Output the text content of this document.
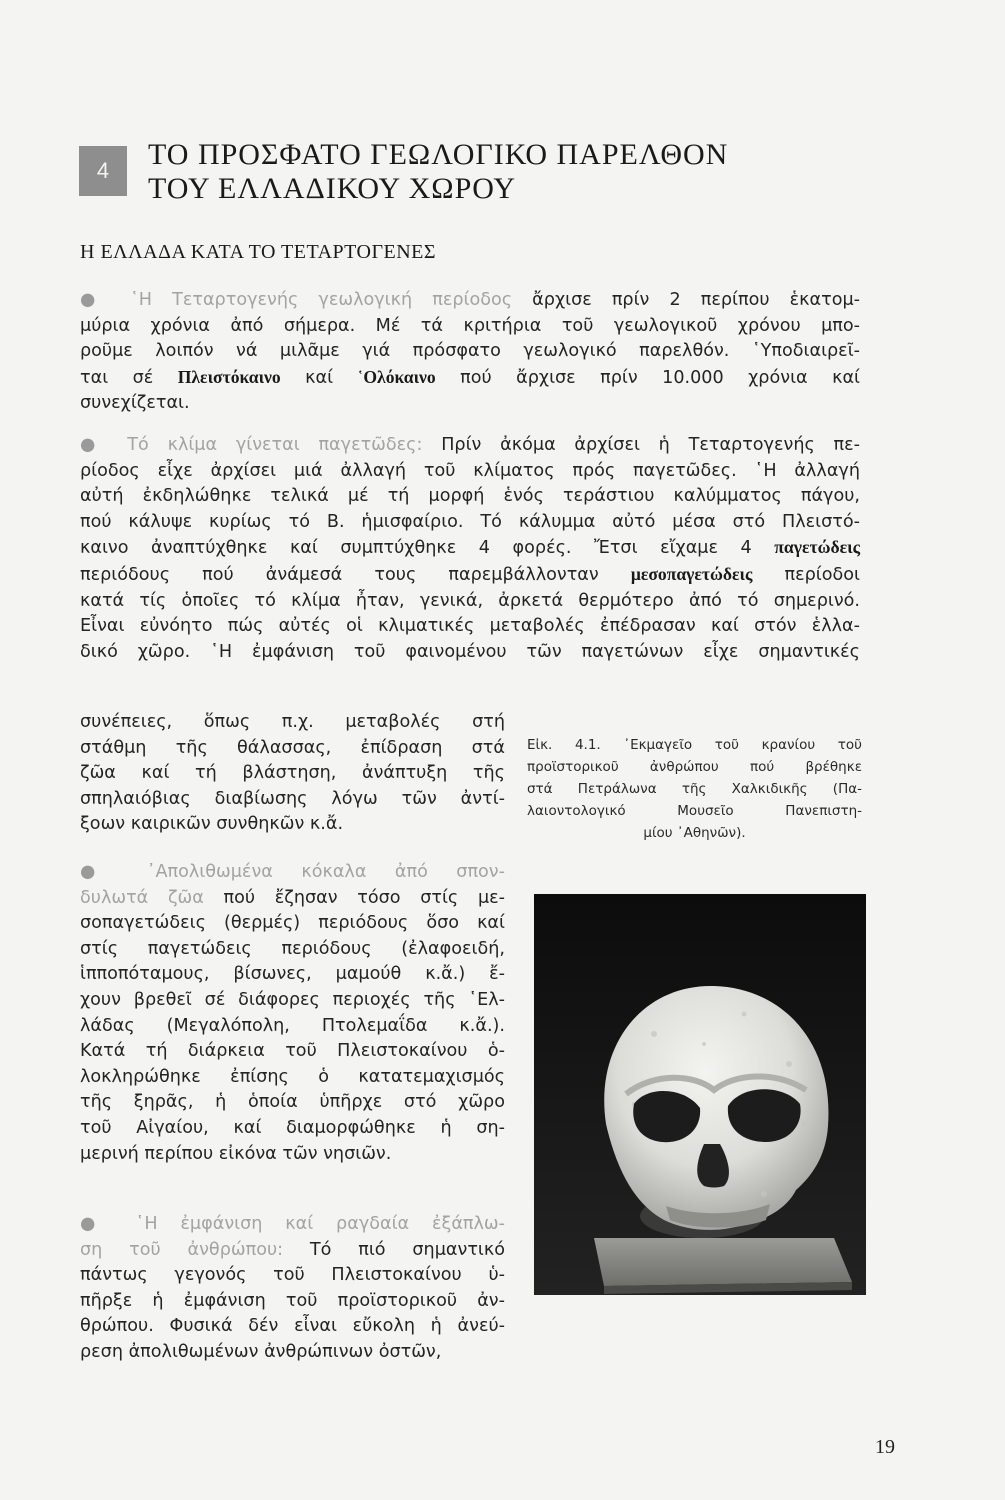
4 ΤΟ ΠΡΟΣΦΑΤΟ ΓΕΩΛΟΓΙΚΟ ΠΑΡΕΛΘΟΝ
ΤΟΥ ΕΛΛΑΔΙΚΟΥ ΧΩΡΟΥ
Η ΕΛΛΑΔΑ ΚΑΤΑ ΤΟ ΤΕΤΑΡΤΟΓΕΝΕΣ
● ῾Η Τεταρτογενής γεωλογική περίοδος ἄρχισε πρίν 2 περίπου ἑκατομ-
μύρια χρόνια ἀπό σήμερα. Μέ τά κριτήρια τοῦ γεωλογικοῦ χρόνου μπο-
ροῦμε λοιπόν νά μιλᾶμε γιά πρόσφατο γεωλογικό παρελθόν. ῾Υποδιαιρεῖ-
ται σέ Πλειστόκαινο καί ῾Ολόκαινο πού ἄρχισε πρίν 10.000 χρόνια καί
συνεχίζεται.
● Τό κλίμα γίνεται παγετῶδες: Πρίν ἀκόμα ἀρχίσει ἡ Τεταρτογενής πε-
ρίοδος εἶχε ἀρχίσει μιά ἀλλαγή τοῦ κλίματος πρός παγετῶδες. ῾Η ἀλλαγή
αὐτή ἐκδηλώθηκε τελικά μέ τή μορφή ἑνός τεράστιου καλύμματος πάγου,
πού κάλυψε κυρίως τό Β. ἡμισφαίριο. Τό κάλυμμα αὐτό μέσα στό Πλειστό-
καινο ἀναπτύχθηκε καί συμπτύχθηκε 4 φορές. Ἔτσι εἴχαμε 4 παγετώδεις
περιόδους πού ἀνάμεσά τους παρεμβάλλονταν μεσοπαγετώδεις περίοδοι
κατά τίς ὁποῖες τό κλίμα ἦταν, γενικά, ἀρκετά θερμότερο ἀπό τό σημερινό.
Εἶναι εὐνόητο πώς αὐτές οἱ κλιματικές μεταβολές ἐπέδρασαν καί στόν ἑλλα-
δικό χῶρο. ῾Η ἐμφάνιση τοῦ φαινομένου τῶν παγετώνων εἶχε σημαντικές
συνέπειες, ὅπως π.χ. μεταβολές στή
στάθμη τῆς θάλασσας, ἐπίδραση στά
ζῶα καί τή βλάστηση, ἀνάπτυξη τῆς
σπηλαιόβιας διαβίωσης λόγω τῶν ἀντί-
ξοων καιρικῶν συνθηκῶν κ.ἄ.
● ᾿Απολιθωμένα κόκαλα ἀπό σπον-
δυλωτά ζῶα πού ἔζησαν τόσο στίς με-
σοπαγετώδεις (θερμές) περιόδους ὅσο καί
στίς παγετώδεις περιόδους (ἐλαφοειδή,
ἱπποπόταμους, βίσωνες, μαμούθ κ.ἄ.) ἔ-
χουν βρεθεῖ σέ διάφορες περιοχές τῆς ῾Ελ-
λάδας (Μεγαλόπολη, Πτολεμαΐδα κ.ἄ.).
Κατά τή διάρκεια τοῦ Πλειστοκαίνου ὁ-
λοκληρώθηκε ἐπίσης ὁ κατατεμαχισμός
τῆς ξηρᾶς, ἡ ὁποία ὑπῆρχε στό χῶρο
τοῦ Αἰγαίου, καί διαμορφώθηκε ἡ ση-
μερινή περίπου εἰκόνα τῶν νησιῶν.
● ῾Η ἐμφάνιση καί ραγδαία ἐξάπλω-
ση τοῦ ἀνθρώπου: Τό πιό σημαντικό
πάντως γεγονός τοῦ Πλειστοκαίνου ὑ-
πῆρξε ἡ ἐμφάνιση τοῦ προϊστορικοῦ ἀν-
θρώπου. Φυσικά δέν εἶναι εὔκολη ἡ ἀνεύ-
ρεση ἀπολιθωμένων ἀνθρώπινων ὀστῶν,
Εἰκ. 4.1. ᾿Εκμαγεῖο τοῦ κρανίου τοῦ
προϊστορικοῦ ἀνθρώπου πού βρέθηκε
στά Πετράλωνα τῆς Χαλκιδικῆς (Πα-
λαιοντολογικό Μουσεῖο Πανεπιστη-
μίου ᾿Αθηνῶν).
19
